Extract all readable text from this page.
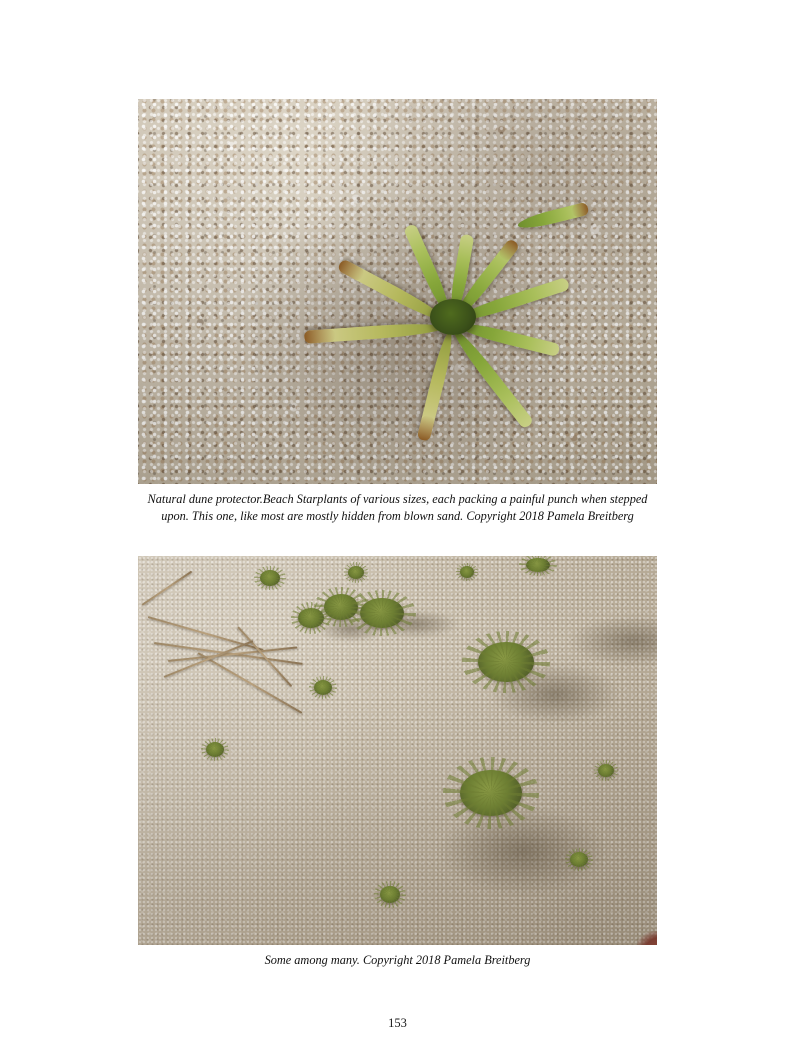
Natural dune protector.Beach Starplants of various sizes, each packing a painful punch when stepped upon. This one, like most are mostly hidden from blown sand. Copyright 2018 Pamela Breitberg
Some among many. Copyright 2018 Pamela Breitberg
153
